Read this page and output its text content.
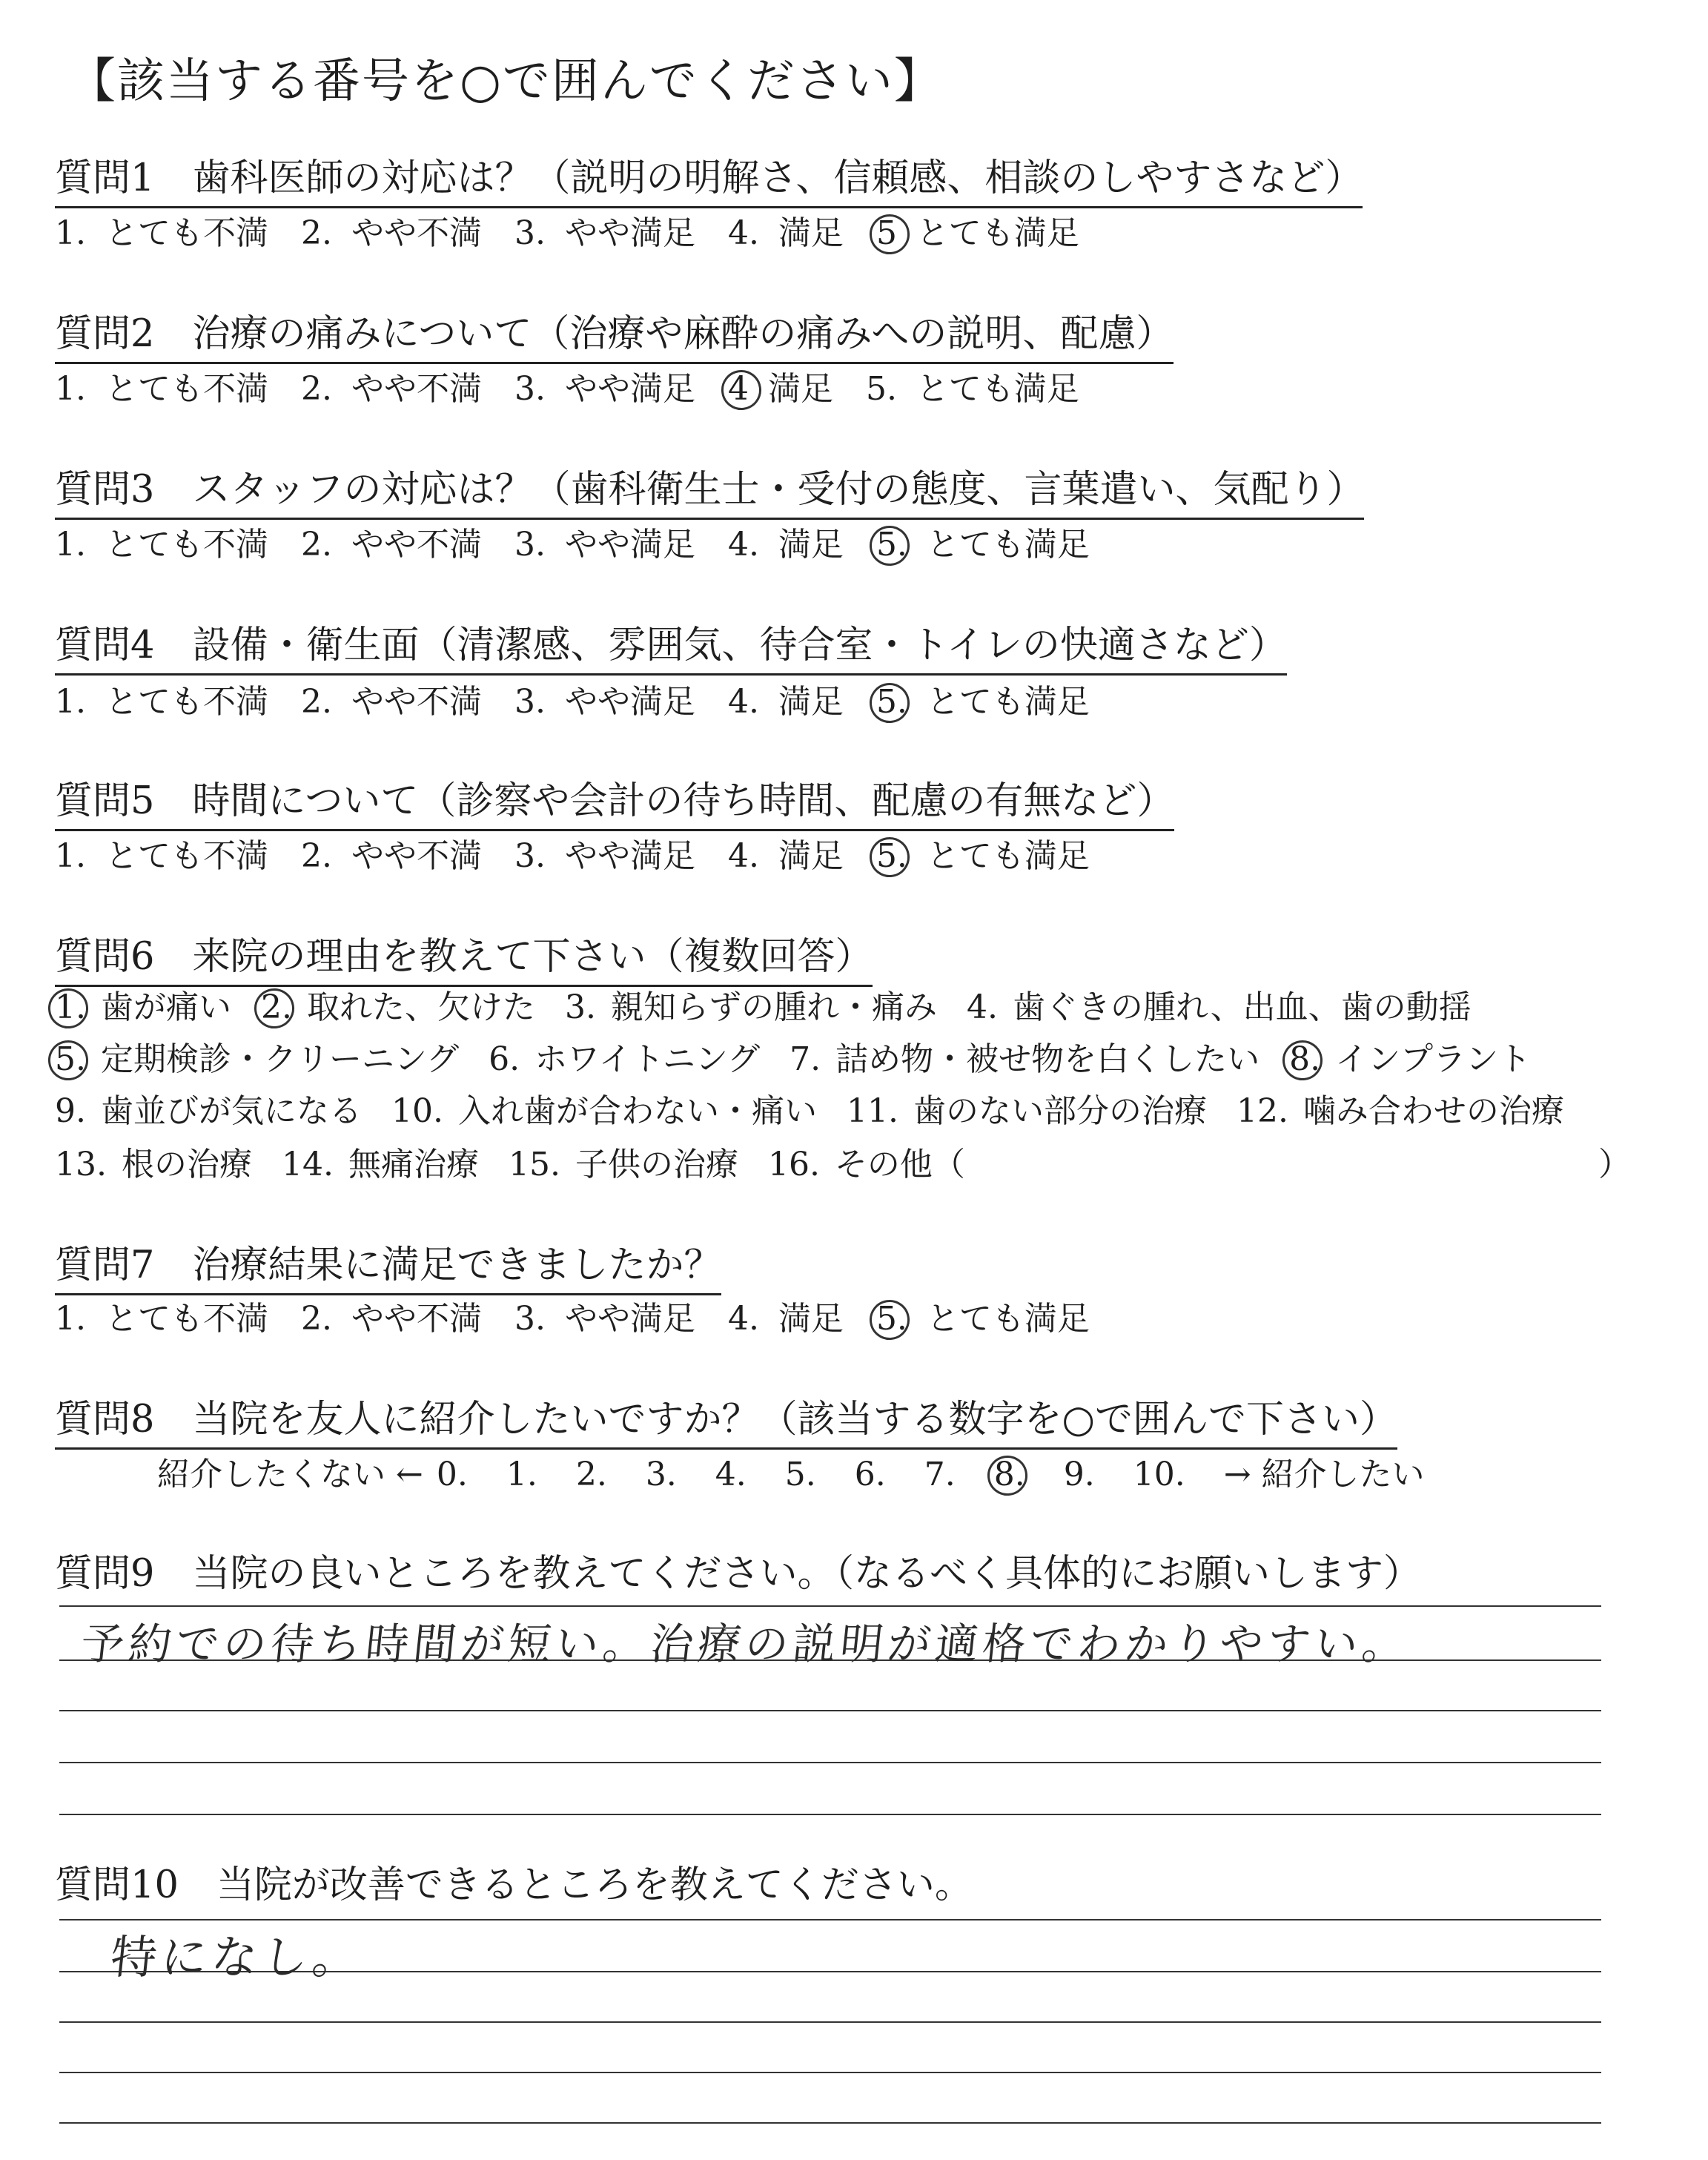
【該当する番号を○で囲んでください】
質問1　歯科医師の対応は？（説明の明解さ、信頼感、相談のしやすさなど）
1. とても不満 2. やや不満 3. やや満足 4. 満足 5 とても満足
質問2　治療の痛みについて（治療や麻酔の痛みへの説明、配慮）
1. とても不満 2. やや不満 3. やや満足 4 満足 5. とても満足
質問3　スタッフの対応は？（歯科衛生士・受付の態度、言葉遣い、気配り）
1. とても不満 2. やや不満 3. やや満足 4. 満足 5. とても満足
質問4　設備・衛生面（清潔感、雰囲気、待合室・トイレの快適さなど）
1. とても不満 2. やや不満 3. やや満足 4. 満足 5. とても満足
質問5　時間について（診察や会計の待ち時間、配慮の有無など）
1. とても不満 2. やや不満 3. やや満足 4. 満足 5. とても満足
質問6　来院の理由を教えて下さい（複数回答）
1. 歯が痛い 2. 取れた、欠けた 3. 親知らずの腫れ・痛み 4. 歯ぐきの腫れ、出血、歯の動揺
5. 定期検診・クリーニング 6. ホワイトニング 7. 詰め物・被せ物を白くしたい 8. インプラント
9. 歯並びが気になる 10. 入れ歯が合わない・痛い 11. 歯のない部分の治療 12. 噛み合わせの治療
13. 根の治療 14. 無痛治療 15. 子供の治療 16. その他（	）
質問7　治療結果に満足できましたか？
1. とても不満 2. やや不満 3. やや満足 4. 満足 5. とても満足
質問8　当院を友人に紹介したいですか？（該当する数字を○で囲んで下さい）
紹介したくない ← 0. 1. 2. 3. 4. 5. 6. 7. 8. 9. 10. → 紹介したい
質問9　当院の良いところを教えてください。（なるべく具体的にお願いします）
予約での待ち時間が短い。治療の説明が適格でわかりやすい。
質問10　当院が改善できるところを教えてください。
特になし。
